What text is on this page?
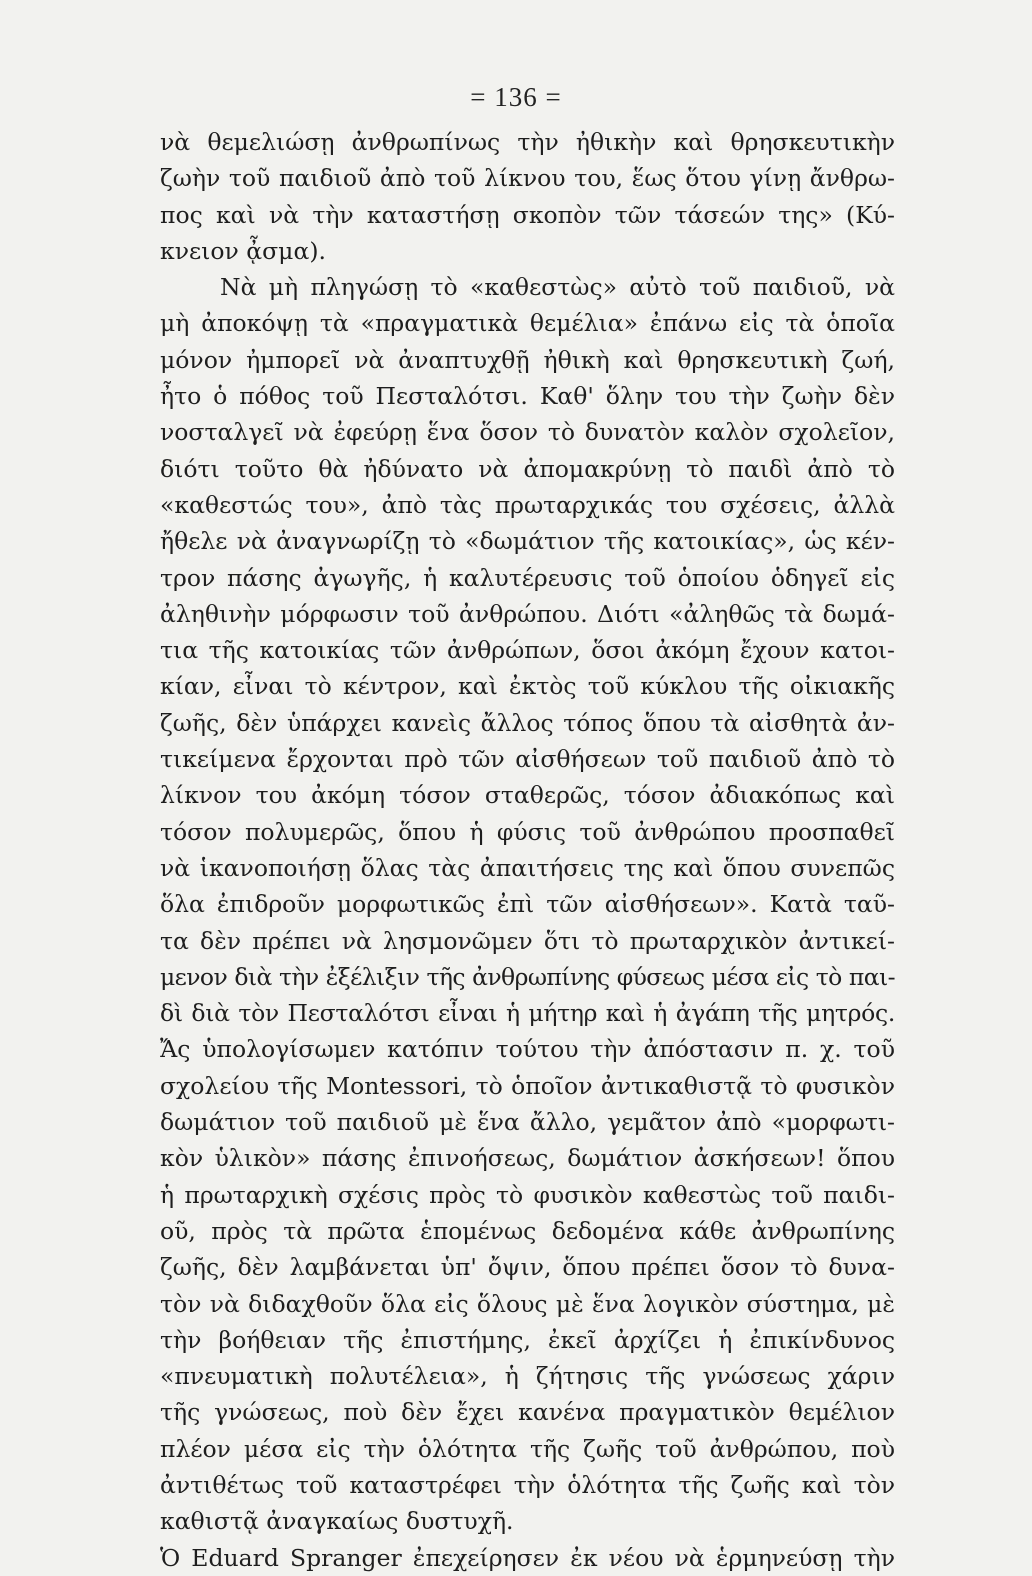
= 136 =
νὰ θεμελιώσῃ ἀνθρωπίνως τὴν ἠθικὴν καὶ θρησκευτικὴν
ζωὴν τοῦ παιδιοῦ ἀπὸ τοῦ λίκνου του, ἕως ὅτου γίνῃ ἄνθρω-
πος καὶ νὰ τὴν καταστήσῃ σκοπὸν τῶν τάσεών της» (Κύ-
κνειον ᾆσμα).
Νὰ μὴ πληγώσῃ τὸ «καθεστὼς» αὐτὸ τοῦ παιδιοῦ, νὰ
μὴ ἀποκόψῃ τὰ «πραγματικὰ θεμέλια» ἐπάνω εἰς τὰ ὁποῖα
μόνον ἠμπορεῖ νὰ ἀναπτυχθῇ ἠθικὴ καὶ θρησκευτικὴ ζωή,
ἦτο ὁ πόθος τοῦ Πεσταλότσι. Καθ' ὅλην του τὴν ζωὴν δὲν
νοσταλγεῖ νὰ ἐφεύρῃ ἕνα ὅσον τὸ δυνατὸν καλὸν σχολεῖον,
διότι τοῦτο θὰ ἠδύνατο νὰ ἀπομακρύνῃ τὸ παιδὶ ἀπὸ τὸ
«καθεστώς του», ἀπὸ τὰς πρωταρχικάς του σχέσεις, ἀλλὰ
ἤθελε νὰ ἀναγνωρίζῃ τὸ «δωμάτιον τῆς κατοικίας», ὡς κέν-
τρον πάσης ἀγωγῆς, ἡ καλυτέρευσις τοῦ ὁποίου ὁδηγεῖ εἰς
ἀληθινὴν μόρφωσιν τοῦ ἀνθρώπου. Διότι «ἀληθῶς τὰ δωμά-
τια τῆς κατοικίας τῶν ἀνθρώπων, ὅσοι ἀκόμη ἔχουν κατοι-
κίαν, εἶναι τὸ κέντρον, καὶ ἐκτὸς τοῦ κύκλου τῆς οἰκιακῆς
ζωῆς, δὲν ὑπάρχει κανεὶς ἄλλος τόπος ὅπου τὰ αἰσθητὰ ἀν-
τικείμενα ἔρχονται πρὸ τῶν αἰσθήσεων τοῦ παιδιοῦ ἀπὸ τὸ
λίκνον του ἀκόμη τόσον σταθερῶς, τόσον ἀδιακόπως καὶ
τόσον πολυμερῶς, ὅπου ἡ φύσις τοῦ ἀνθρώπου προσπαθεῖ
νὰ ἱκανοποιήσῃ ὅλας τὰς ἀπαιτήσεις της καὶ ὅπου συνεπῶς
ὅλα ἐπιδροῦν μορφωτικῶς ἐπὶ τῶν αἰσθήσεων». Κατὰ ταῦ-
τα δὲν πρέπει νὰ λησμονῶμεν ὅτι τὸ πρωταρχικὸν ἀντικεί-
μενον διὰ τὴν ἐξέλιξιν τῆς ἀνθρωπίνης φύσεως μέσα εἰς τὸ παι-
δὶ διὰ τὸν Πεσταλότσι εἶναι ἡ μήτηρ καὶ ἡ ἀγάπη τῆς μητρός.
Ἄς ὑπολογίσωμεν κατόπιν τούτου τὴν ἀπόστασιν π. χ. τοῦ
σχολείου τῆς Montessori, τὸ ὁποῖον ἀντικαθιστᾷ τὸ φυσικὸν
δωμάτιον τοῦ παιδιοῦ μὲ ἕνα ἄλλο, γεμᾶτον ἀπὸ «μορφωτι-
κὸν ὑλικὸν» πάσης ἐπινοήσεως, δωμάτιον ἀσκήσεων! ὅπου
ἡ πρωταρχικὴ σχέσις πρὸς τὸ φυσικὸν καθεστὼς τοῦ παιδι-
οῦ, πρὸς τὰ πρῶτα ἑπομένως δεδομένα κάθε ἀνθρωπίνης
ζωῆς, δὲν λαμβάνεται ὑπ' ὄψιν, ὅπου πρέπει ὅσον τὸ δυνα-
τὸν νὰ διδαχθοῦν ὅλα εἰς ὅλους μὲ ἕνα λογικὸν σύστημα, μὲ
τὴν βοήθειαν τῆς ἐπιστήμης, ἐκεῖ ἀρχίζει ἡ ἐπικίνδυνος
«πνευματικὴ πολυτέλεια», ἡ ζήτησις τῆς γνώσεως χάριν
τῆς γνώσεως, ποὺ δὲν ἔχει κανένα πραγματικὸν θεμέλιον
πλέον μέσα εἰς τὴν ὁλότητα τῆς ζωῆς τοῦ ἀνθρώπου, ποὺ
ἀντιθέτως τοῦ καταστρέφει τὴν ὁλότητα τῆς ζωῆς καὶ τὸν
καθιστᾷ ἀναγκαίως δυστυχῆ.
Ὁ Eduard Spranger ἐπεχείρησεν ἐκ νέου νὰ ἑρμηνεύσῃ τὴν
